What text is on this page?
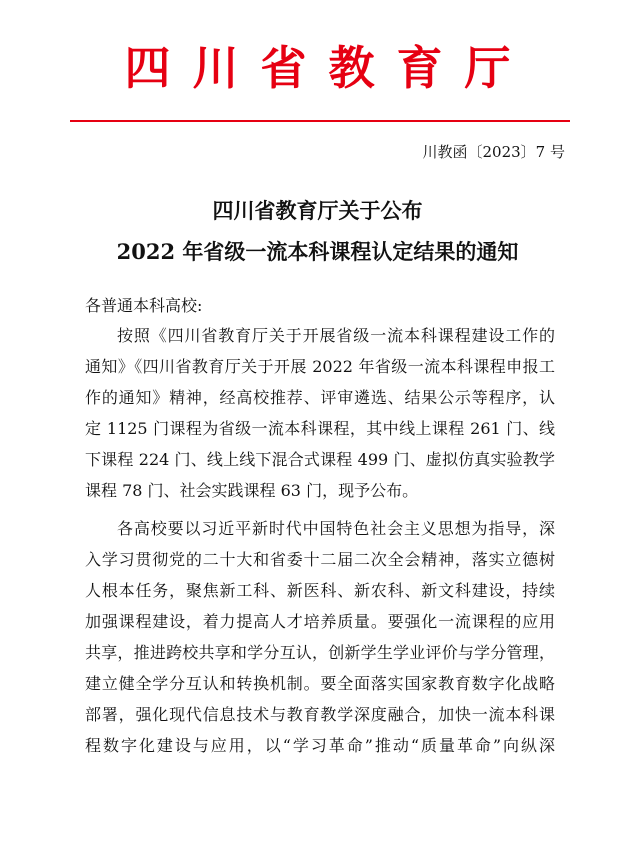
四川省教育厅
川教函〔2023〕7 号
四川省教育厅关于公布
2022 年省级一流本科课程认定结果的通知
各普通本科高校:
按照《四川省教育厅关于开展省级一流本科课程建设工作的
通知》《四川省教育厅关于开展 2022 年省级一流本科课程申报工
作的通知》精神，经高校推荐、评审遴选、结果公示等程序，认
定 1125 门课程为省级一流本科课程，其中线上课程 261 门、线
下课程 224 门、线上线下混合式课程 499 门、虚拟仿真实验教学
课程 78 门、社会实践课程 63 门，现予公布。
各高校要以习近平新时代中国特色社会主义思想为指导，深
入学习贯彻党的二十大和省委十二届二次全会精神，落实立德树
人根本任务，聚焦新工科、新医科、新农科、新文科建设，持续
加强课程建设，着力提高人才培养质量。要强化一流课程的应用
共享，推进跨校共享和学分互认，创新学生学业评价与学分管理，
建立健全学分互认和转换机制。要全面落实国家教育数字化战略
部署，强化现代信息技术与教育教学深度融合，加快一流本科课
程数字化建设与应用，以“学习革命”推动“质量革命”向纵深
